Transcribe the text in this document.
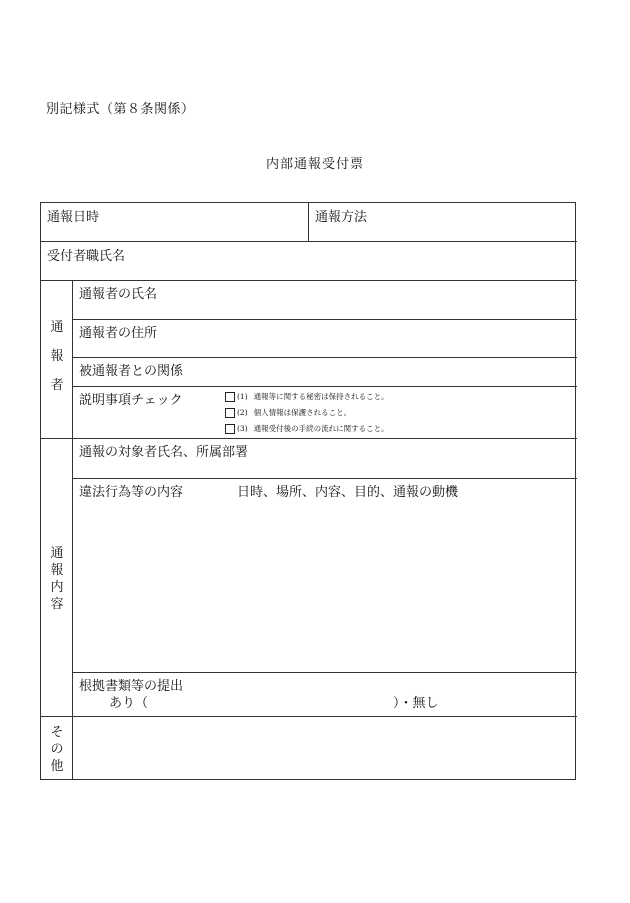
別記様式（第８条関係）
内部通報受付票
通報日時	通報方法
受付者職氏名
通
報
者
通報者の氏名
通報者の住所
被通報者との関係
説明事項チェック	(1) 通報等に関する秘密は保持されること。
(2) 個人情報は保護されること。
(3) 通報受付後の手続の流れに関すること。
通
報
内
容
通報の対象者氏名、所属部署
違法行為等の内容	日時、場所、内容、目的、通報の動機
根拠書類等の提出
あり（	）・無し
そ
の
他
